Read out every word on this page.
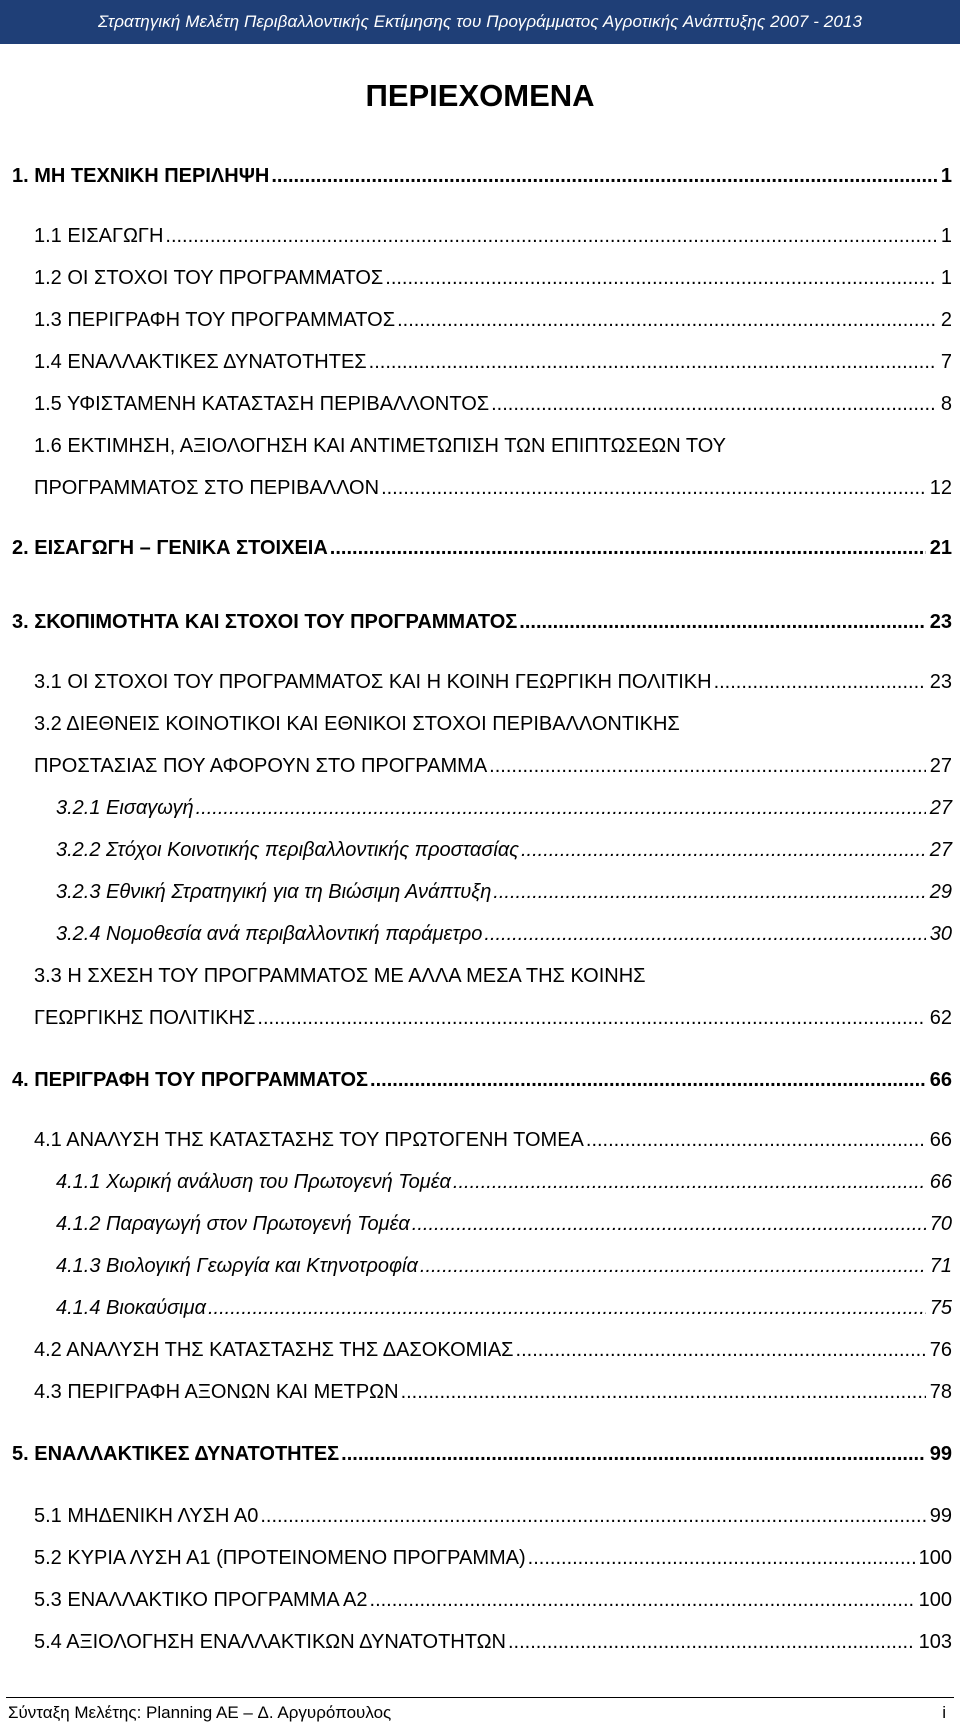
Στρατηγική Μελέτη Περιβαλλοντικής Εκτίμησης του Προγράμματος Αγροτικής Ανάπτυξης 2007 - 2013
ΠΕΡΙΕΧΟΜΕΝΑ
1. ΜΗ ΤΕΧΝΙΚΗ ΠΕΡΙΛΗΨΗ .....	1
1.1 ΕΙΣΑΓΩΓΗ .....	1
1.2 ΟΙ ΣΤΟΧΟΙ ΤΟΥ ΠΡΟΓΡΑΜΜΑΤΟΣ .....	1
1.3 ΠΕΡΙΓΡΑΦΗ ΤΟΥ ΠΡΟΓΡΑΜΜΑΤΟΣ .....	2
1.4 ΕΝΑΛΛΑΚΤΙΚΕΣ ΔΥΝΑΤΟΤΗΤΕΣ .....	7
1.5 ΥΦΙΣΤΑΜΕΝΗ ΚΑΤΑΣΤΑΣΗ ΠΕΡΙΒΑΛΛΟΝΤΟΣ .....	8
1.6 ΕΚΤΙΜΗΣΗ, ΑΞΙΟΛΟΓΗΣΗ ΚΑΙ ΑΝΤΙΜΕΤΩΠΙΣΗ ΤΩΝ ΕΠΙΠΤΩΣΕΩΝ ΤΟΥ
ΠΡΟΓΡΑΜΜΑΤΟΣ ΣΤΟ ΠΕΡΙΒΑΛΛΟΝ .....	12
2. ΕΙΣΑΓΩΓΗ – ΓΕΝΙΚΑ ΣΤΟΙΧΕΙΑ .....	21
3. ΣΚΟΠΙΜΟΤΗΤΑ ΚΑΙ ΣΤΟΧΟΙ ΤΟΥ ΠΡΟΓΡΑΜΜΑΤΟΣ .....	23
3.1 ΟΙ ΣΤΟΧΟΙ ΤΟΥ ΠΡΟΓΡΑΜΜΑΤΟΣ ΚΑΙ Η ΚΟΙΝΗ ΓΕΩΡΓΙΚΗ ΠΟΛΙΤΙΚΗ .....	23
3.2 ΔΙΕΘΝΕΙΣ ΚΟΙΝΟΤΙΚΟΙ ΚΑΙ ΕΘΝΙΚΟΙ ΣΤΟΧΟΙ ΠΕΡΙΒΑΛΛΟΝΤΙΚΗΣ
ΠΡΟΣΤΑΣΙΑΣ ΠΟΥ ΑΦΟΡΟΥΝ ΣΤΟ ΠΡΟΓΡΑΜΜΑ .....	27
3.2.1 Εισαγωγή .....	27
3.2.2 Στόχοι Κοινοτικής περιβαλλοντικής προστασίας .....	27
3.2.3 Εθνική Στρατηγική για τη Βιώσιμη Ανάπτυξη .....	29
3.2.4 Νομοθεσία ανά περιβαλλοντική παράμετρο .....	30
3.3 Η ΣΧΕΣΗ ΤΟΥ ΠΡΟΓΡΑΜΜΑΤΟΣ ΜΕ ΑΛΛΑ ΜΕΣΑ ΤΗΣ ΚΟΙΝΗΣ
ΓΕΩΡΓΙΚΗΣ ΠΟΛΙΤΙΚΗΣ .....	62
4. ΠΕΡΙΓΡΑΦΗ ΤΟΥ ΠΡΟΓΡΑΜΜΑΤΟΣ .....	66
4.1 ΑΝΑΛΥΣΗ ΤΗΣ ΚΑΤΑΣΤΑΣΗΣ ΤΟΥ ΠΡΩΤΟΓΕΝΗ ΤΟΜΕΑ .....	66
4.1.1 Χωρική ανάλυση του Πρωτογενή Τομέα .....	66
4.1.2 Παραγωγή στον Πρωτογενή Τομέα .....	70
4.1.3 Βιολογική Γεωργία και Κτηνοτροφία .....	71
4.1.4 Βιοκαύσιμα .....	75
4.2 ΑΝΑΛΥΣΗ ΤΗΣ ΚΑΤΑΣΤΑΣΗΣ ΤΗΣ ΔΑΣΟΚΟΜΙΑΣ .....	76
4.3 ΠΕΡΙΓΡΑΦΗ ΑΞΟΝΩΝ ΚΑΙ ΜΕΤΡΩΝ .....	78
5. ΕΝΑΛΛΑΚΤΙΚΕΣ ΔΥΝΑΤΟΤΗΤΕΣ .....	99
5.1 ΜΗΔΕΝΙΚΗ ΛΥΣΗ Α0 .....	99
5.2 ΚΥΡΙΑ ΛΥΣΗ Α1 (ΠΡΟΤΕΙΝΟΜΕΝΟ ΠΡΟΓΡΑΜΜΑ) .....	100
5.3 ΕΝΑΛΛΑΚΤΙΚΟ ΠΡΟΓΡΑΜΜΑ Α2 .....	100
5.4 ΑΞΙΟΛΟΓΗΣΗ ΕΝΑΛΛΑΚΤΙΚΩΝ ΔΥΝΑΤΟΤΗΤΩΝ .....	103
Σύνταξη Μελέτης: Planning AE – Δ. Αργυρόπουλος	i
